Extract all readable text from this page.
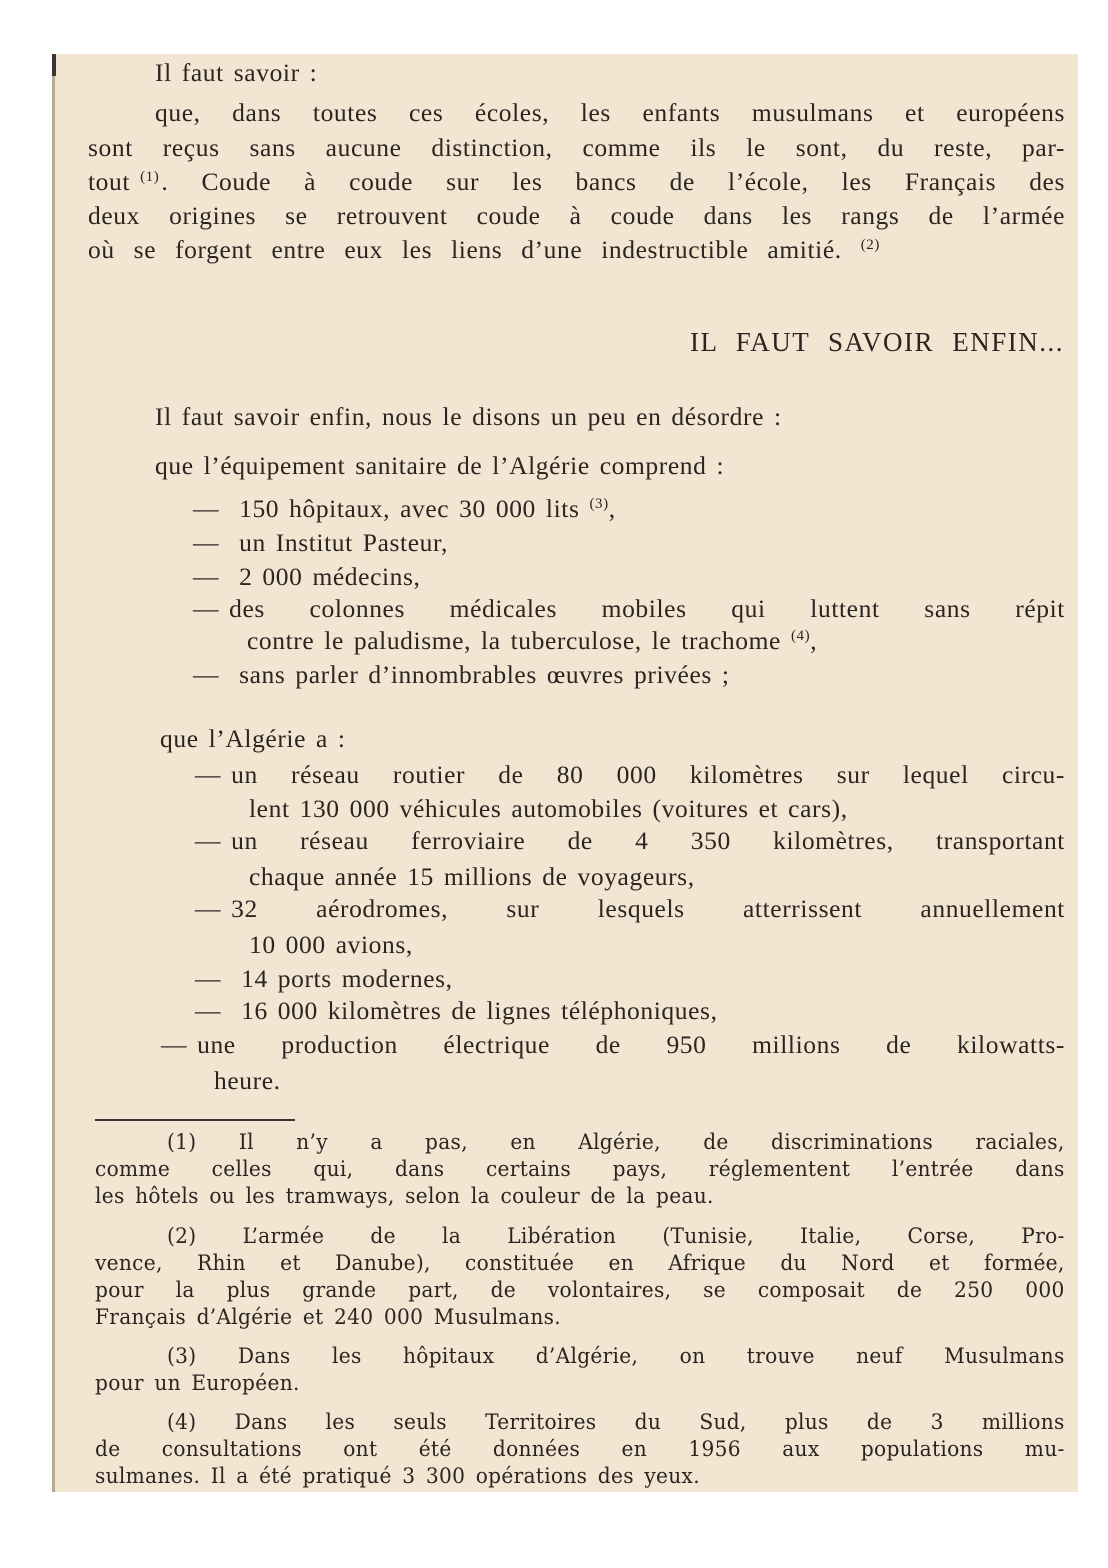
Il faut savoir :
que, dans toutes ces écoles, les enfants musulmans et européens
sont reçus sans aucune distinction, comme ils le sont, du reste, par-
tout $^{(1)}$ . Coude à coude sur les bancs de l’école, les Français des
deux origines se retrouvent coude à coude dans les rangs de l’armée
où se forgent entre eux les liens d’une indestructible amitié. $^{(2)}$
IL FAUT SAVOIR ENFIN...
Il faut savoir enfin, nous le disons un peu en désordre :
que l’équipement sanitaire de l’Algérie comprend :
— 150 hôpitaux, avec 30 000 lits $^{(3)}$,
— un Institut Pasteur,
— 2 000 médecins,
— des colonnes médicales mobiles qui luttent sans répit
contre le paludisme, la tuberculose, le trachome $^{(4)}$,
— sans parler d’innombrables œuvres privées ;
que l’Algérie a :
— un réseau routier de 80 000 kilomètres sur lequel circu-
lent 130 000 véhicules automobiles (voitures et cars),
— un réseau ferroviaire de 4 350 kilomètres, transportant
chaque année 15 millions de voyageurs,
— 32 aérodromes, sur lesquels atterrissent annuellement
10 000 avions,
— 14 ports modernes,
— 16 000 kilomètres de lignes téléphoniques,
— une production électrique de 950 millions de kilowatts-
heure.
(1) Il n’y a pas, en Algérie, de discriminations raciales,
comme celles qui, dans certains pays, réglementent l’entrée dans
les hôtels ou les tramways, selon la couleur de la peau.
(2) L’armée de la Libération (Tunisie, Italie, Corse, Pro-
vence, Rhin et Danube), constituée en Afrique du Nord et formée,
pour la plus grande part, de volontaires, se composait de 250 000
Français d’Algérie et 240 000 Musulmans.
(3) Dans les hôpitaux d’Algérie, on trouve neuf Musulmans
pour un Européen.
(4) Dans les seuls Territoires du Sud, plus de 3 millions
de consultations ont été données en 1956 aux populations mu-
sulmanes. Il a été pratiqué 3 300 opérations des yeux.
